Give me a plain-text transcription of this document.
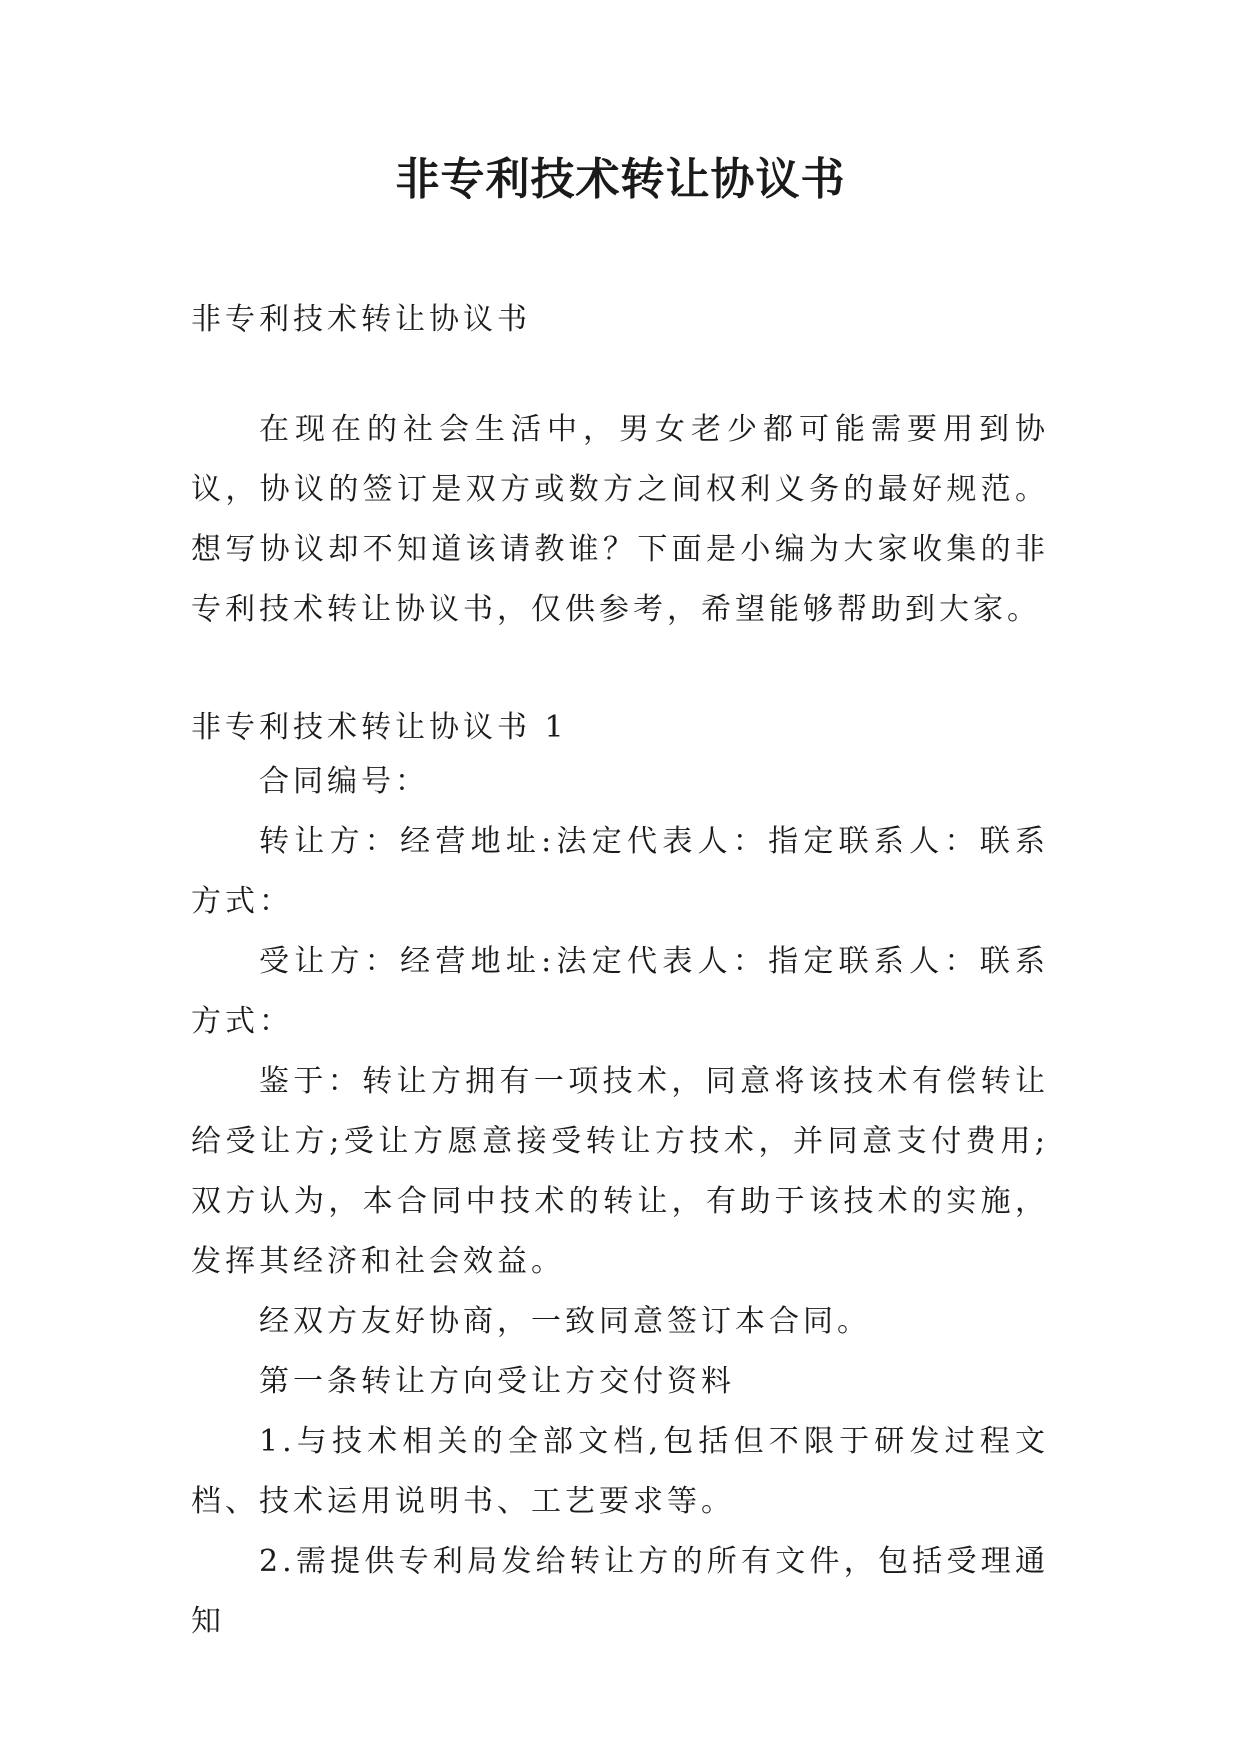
非专利技术转让协议书
非专利技术转让协议书

在现在的社会生活中，男女老少都可能需要用到协议，协议的签订是双方或数方之间权利义务的最好规范。想写协议却不知道该请教谁？下面是小编为大家收集的非专利技术转让协议书，仅供参考，希望能够帮助到大家。

非专利技术转让协议书 1

合同编号：

转让方：经营地址:法定代表人：指定联系人：联系方式：

受让方：经营地址:法定代表人：指定联系人：联系方式：

鉴于：转让方拥有一项技术，同意将该技术有偿转让给受让方;受让方愿意接受转让方技术，并同意支付费用;双方认为，本合同中技术的转让，有助于该技术的实施，发挥其经济和社会效益。

经双方友好协商，一致同意签订本合同。

第一条转让方向受让方交付资料

1.与技术相关的全部文档,包括但不限于研发过程文档、技术运用说明书、工艺要求等。

2.需提供专利局发给转让方的所有文件，包括受理通知
